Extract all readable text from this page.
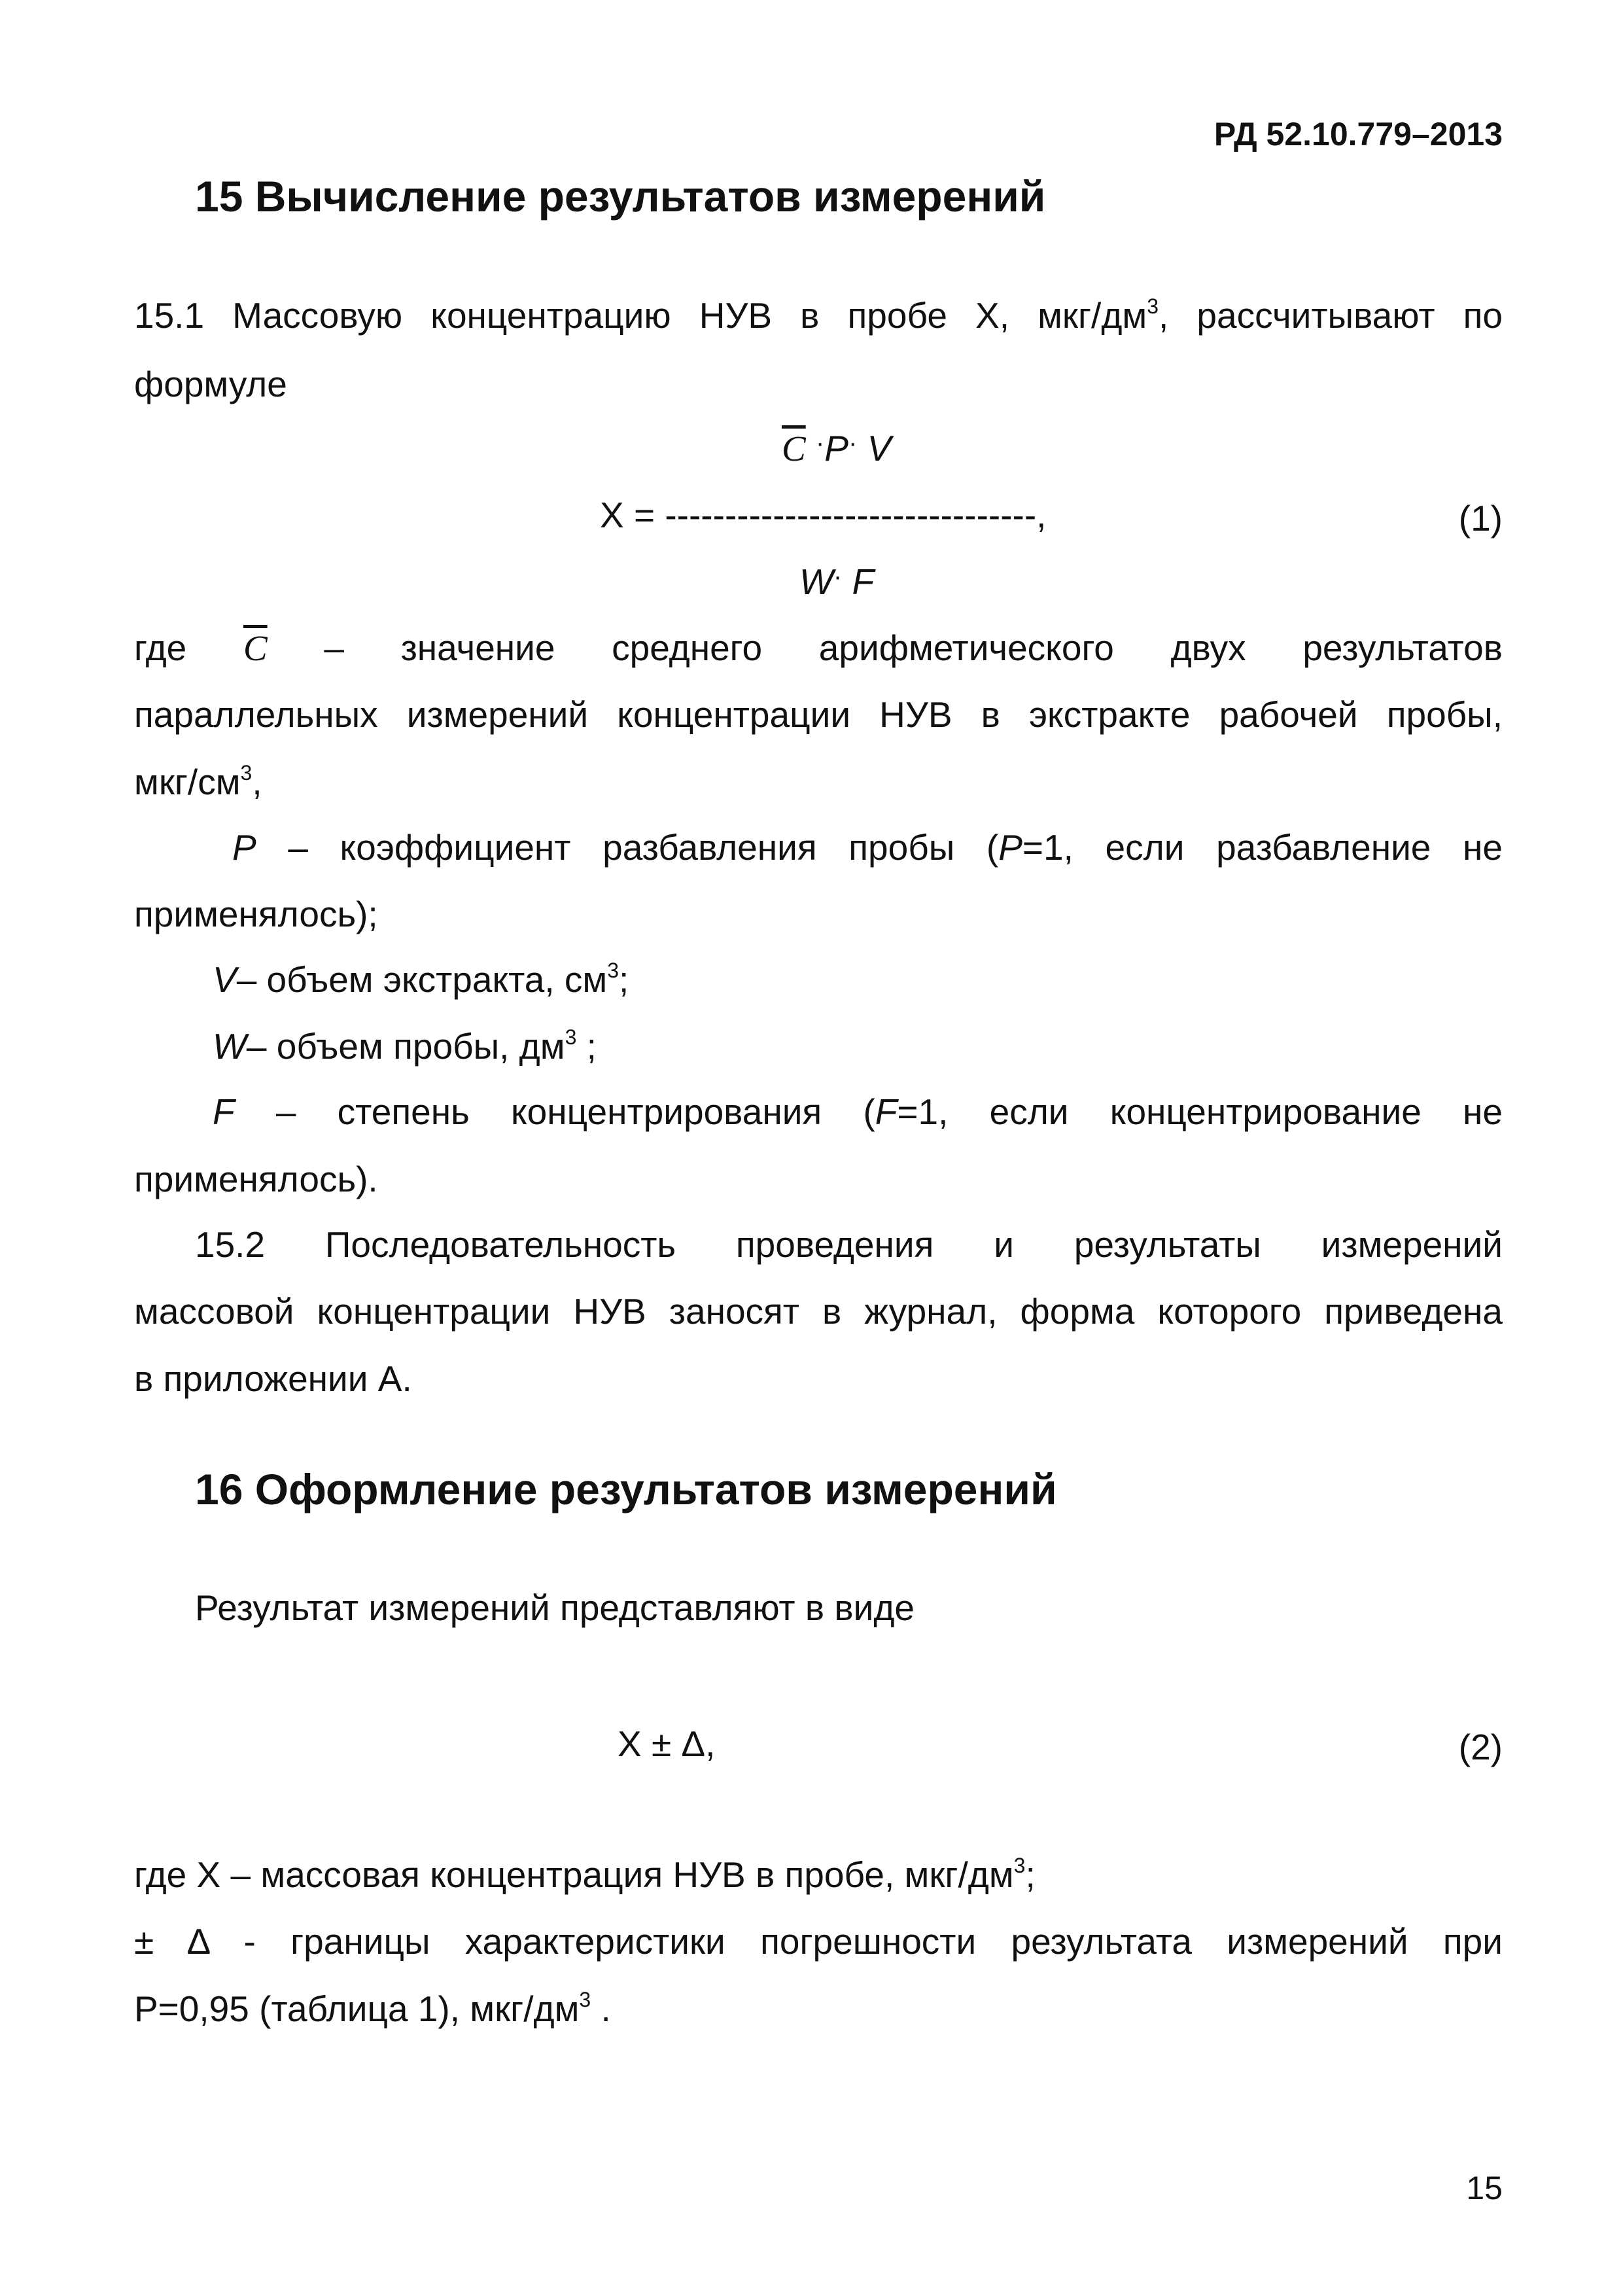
РД 52.10.779–2013
15 Вычисление результатов измерений
15.1 Массовую концентрацию НУВ в пробе X, мкг/$дм^3$, рассчитывают по
формуле
$\overline{C}$ ·P· V
X = -------------------------------,	(1)
W· F
где $\overline{C}$ – значение среднего арифметического двух результатов
параллельных измерений концентрации НУВ в экстракте рабочей пробы,
мкг/$см^3$,
P – коэффициент разбавления пробы (P=1, если разбавление не
применялось);
V– объем экстракта, $см^3$;
W– объем пробы, $дм^3$ ;
F – степень концентрирования (F=1, если концентрирование не
применялось).
15.2 Последовательность проведения и результаты измерений
массовой концентрации НУВ заносят в журнал, форма которого приведена
в приложении А.
16 Оформление результатов измерений
Результат измерений представляют в виде
X ± Δ,	(2)
где X – массовая концентрация НУВ в пробе, мкг/$дм^3$;
± Δ - границы характеристики погрешности результата измерений при
P=0,95 (таблица 1), мкг/$дм^3$ .
15
